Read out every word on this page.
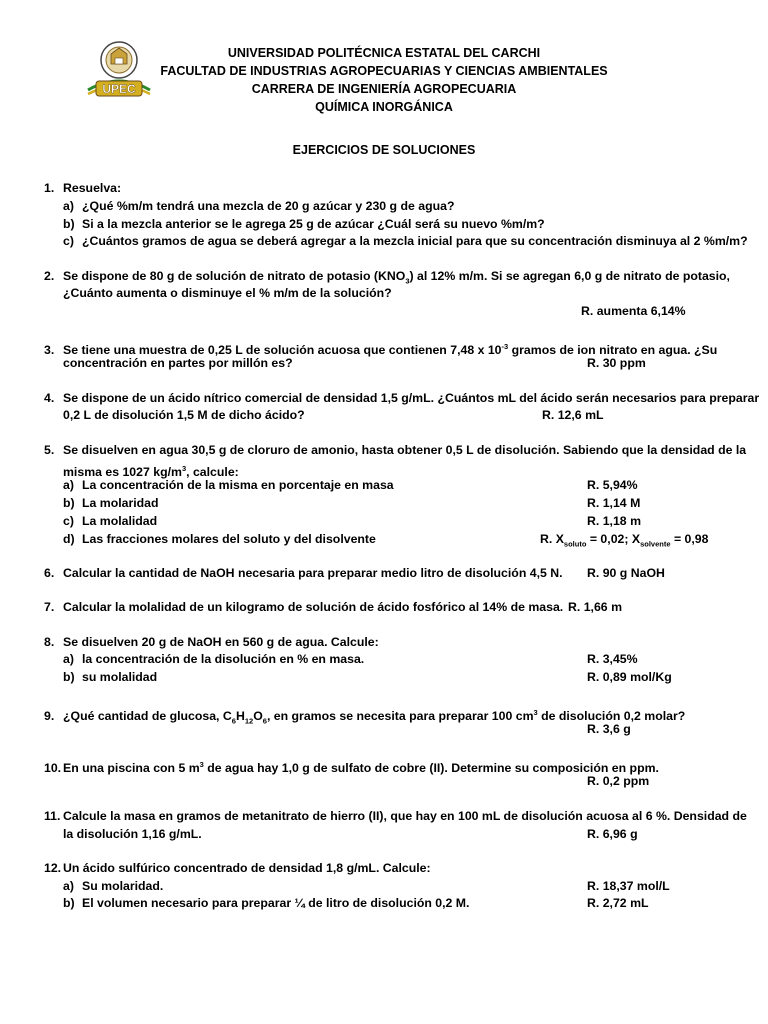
UPEC
UNIVERSIDAD POLITÉCNICA ESTATAL DEL CARCHI
FACULTAD DE INDUSTRIAS AGROPECUARIAS Y CIENCIAS AMBIENTALES
CARRERA DE INGENIERÍA AGROPECUARIA
QUÍMICA INORGÁNICA
EJERCICIOS DE SOLUCIONES
1. Resuelva:
a) ¿Qué %m/m tendrá una mezcla de 20 g azúcar y 230 g de agua?
b) Si a la mezcla anterior se le agrega 25 g de azúcar ¿Cuál será su nuevo %m/m?
c) ¿Cuántos gramos de agua se deberá agregar a la mezcla inicial para que su concentración disminuya al 2 %m/m?
2. Se dispone de 80 g de solución de nitrato de potasio $(KNO_3)$ al 12% m/m. Si se agregan 6,0 g de nitrato de potasio,
¿Cuánto aumenta o disminuye el % m/m de la solución?
R. aumenta 6,14%
3. Se tiene una muestra de 0,25 L de solución acuosa que contienen 7,48 x $10^{-3}$ gramos de ion nitrato en agua. ¿Su
concentración en partes por millón es?	R. 30 ppm
4. Se dispone de un ácido nítrico comercial de densidad 1,5 g/mL. ¿Cuántos mL del ácido serán necesarios para preparar
0,2 L de disolución 1,5 M de dicho ácido?	R. 12,6 mL
5. Se disuelven en agua 30,5 g de cloruro de amonio, hasta obtener 0,5 L de disolución. Sabiendo que la densidad de la
misma es 1027 $kg/m^3$, calcule:
a) La concentración de la misma en porcentaje en masa	R. 5,94%
b) La molaridad	R. 1,14 M
c) La molalidad	R. 1,18 m
d) Las fracciones molares del soluto y del disolvente	R. $X_{soluto} = 0,02$; $X_{solvente} = 0,98$
6. Calcular la cantidad de NaOH necesaria para preparar medio litro de disolución 4,5 N. R. 90 g NaOH
7. Calcular la molalidad de un kilogramo de solución de ácido fosfórico al 14% de masa. R. 1,66 m
8. Se disuelven 20 g de NaOH en 560 g de agua. Calcule:
a) la concentración de la disolución en % en masa.	R. 3,45%
b) su molalidad	R. 0,89 mol/Kg
9. ¿Qué cantidad de glucosa, $C_6H_{12}O_6$, en gramos se necesita para preparar 100 $cm^3$ de disolución 0,2 molar?
R. 3,6 g
10. En una piscina con 5 $m^3$ de agua hay 1,0 g de sulfato de cobre (II). Determine su composición en ppm.
R. 0,2 ppm
11. Calcule la masa en gramos de metanitrato de hierro (II), que hay en 100 mL de disolución acuosa al 6 %. Densidad de
la disolución 1,16 g/mL.	R. 6,96 g
12. Un ácido sulfúrico concentrado de densidad 1,8 g/mL. Calcule:
a) Su molaridad.	R. 18,37 mol/L
b) El volumen necesario para preparar ¼ de litro de disolución 0,2 M.	R. 2,72 mL
